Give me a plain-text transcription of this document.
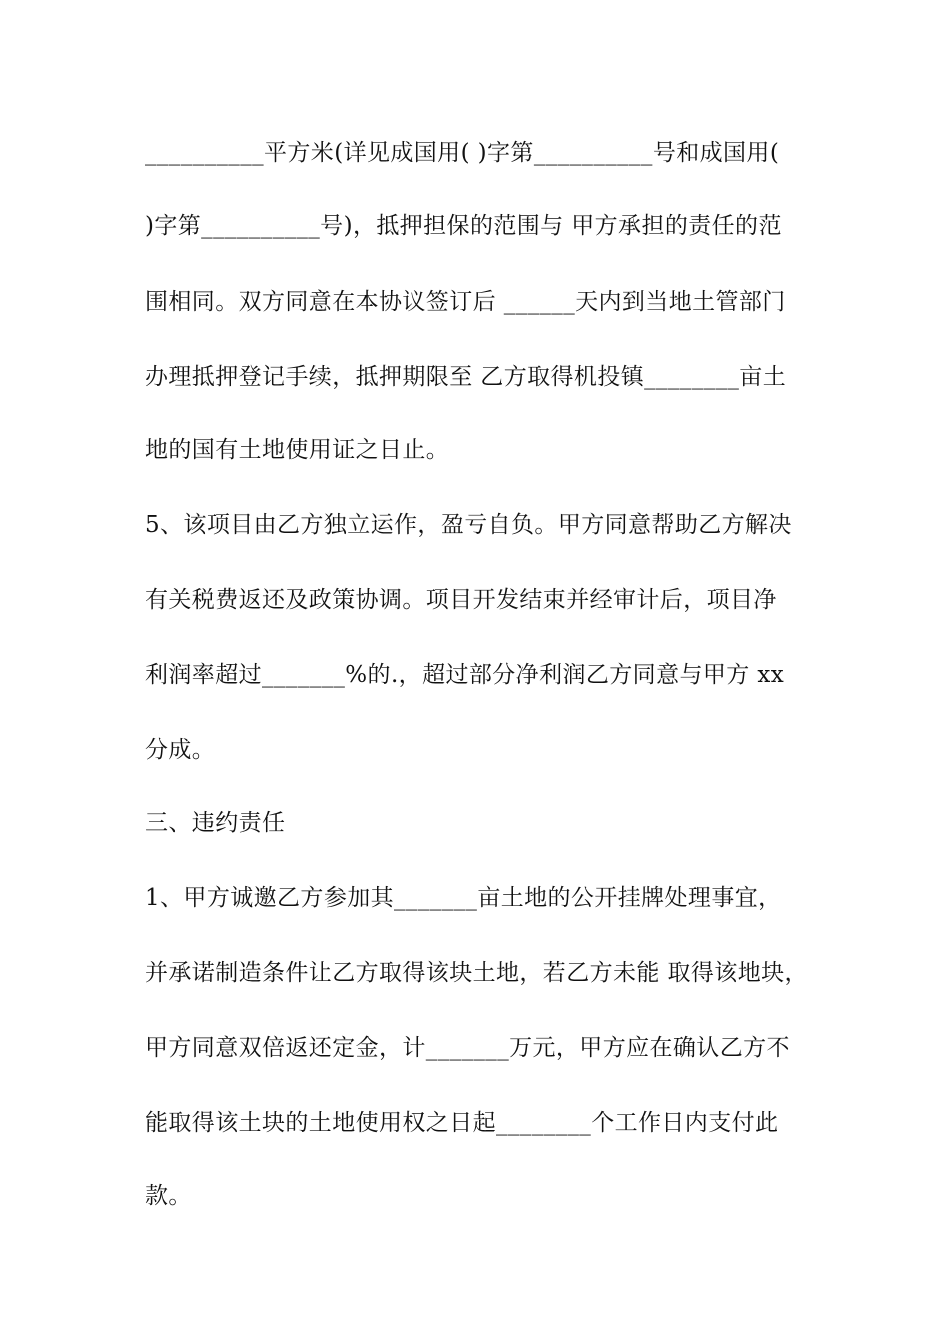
__________平方米(详见成国用( )字第__________号和成国用(
)字第__________号)，抵押担保的范围与 甲方承担的责任的范
围相同。双方同意在本协议签订后 ______天内到当地土管部门
办理抵押登记手续，抵押期限至 乙方取得机投镇________亩土
地的国有土地使用证之日止。
5、该项目由乙方独立运作，盈亏自负。甲方同意帮助乙方解决
有关税费返还及政策协调。项目开发结束并经审计后，项目净
利润率超过_______%的.，超过部分净利润乙方同意与甲方 xx
分成。
三、违约责任
1、甲方诚邀乙方参加其_______亩土地的公开挂牌处理事宜，
并承诺制造条件让乙方取得该块土地，若乙方未能 取得该地块，
甲方同意双倍返还定金，计_______万元，甲方应在确认乙方不
能取得该土块的土地使用权之日起________个工作日内支付此
款。
